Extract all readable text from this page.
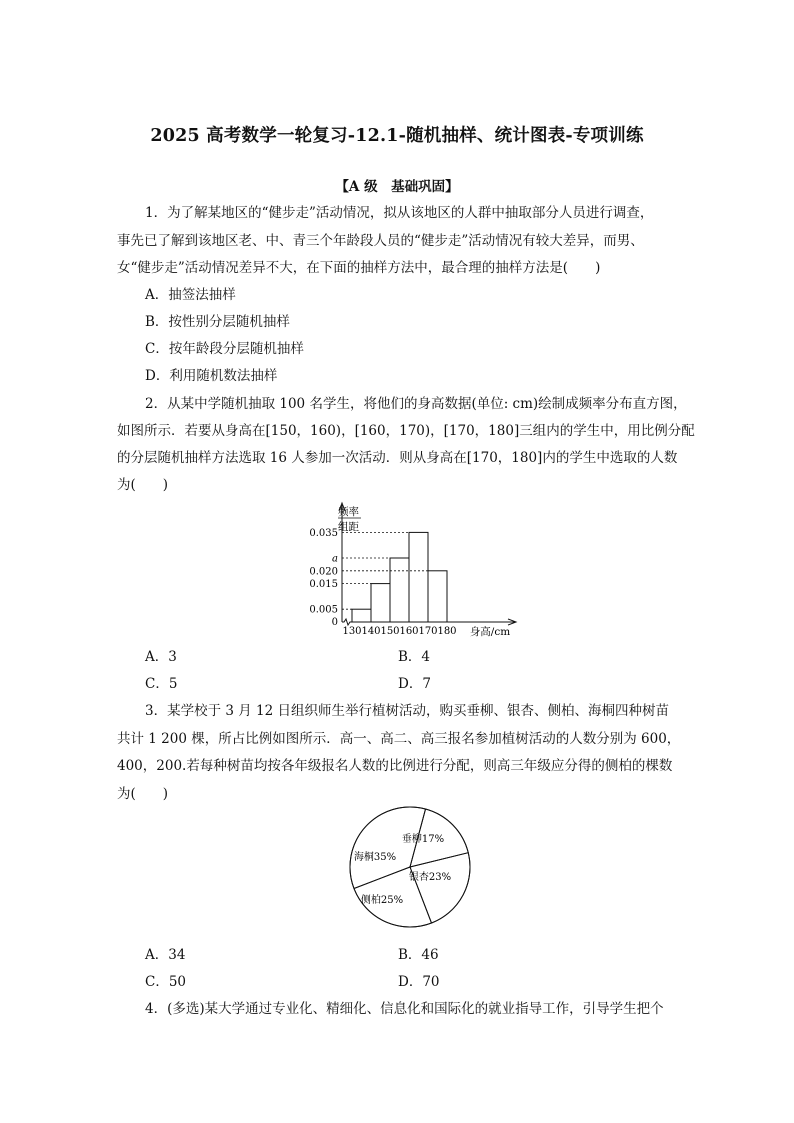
2025 高考数学一轮复习-12.1-随机抽样、统计图表-专项训练
【A 级　基础巩固】
1．为了解某地区的“健步走”活动情况，拟从该地区的人群中抽取部分人员进行调查，
事先已了解到该地区老、中、青三个年龄段人员的“健步走”活动情况有较大差异，而男、
女“健步走”活动情况差异不大，在下面的抽样方法中，最合理的抽样方法是(　　)
A．抽签法抽样
B．按性别分层随机抽样
C．按年龄段分层随机抽样
D．利用随机数法抽样
2．从某中学随机抽取 100 名学生，将他们的身高数据(单位: cm)绘制成频率分布直方图，
如图所示．若要从身高在[150，160)，[160，170)，[170，180]三组内的学生中，用比例分配
的分层随机抽样方法选取 16 人参加一次活动．则从身高在[170，180]内的学生中选取的人数
为(　　)
频率
组距
0
0.005
0.015
0.020
a
0.035
130 140 150 160 170 180 身高/cm
A．3	B．4
C．5	D．7
3．某学校于 3 月 12 日组织师生举行植树活动，购买垂柳、银杏、侧柏、海桐四种树苗
共计 1 200 棵，所占比例如图所示．高一、高二、高三报名参加植树活动的人数分别为 600，
400，200.若每种树苗均按各年级报名人数的比例进行分配，则高三年级应分得的侧柏的棵数
为(　　)
垂柳17%
银杏23%
侧柏25%
海桐35%
A．34	B．46
C．50	D．70
4．(多选)某大学通过专业化、精细化、信息化和国际化的就业指导工作，引导学生把个
